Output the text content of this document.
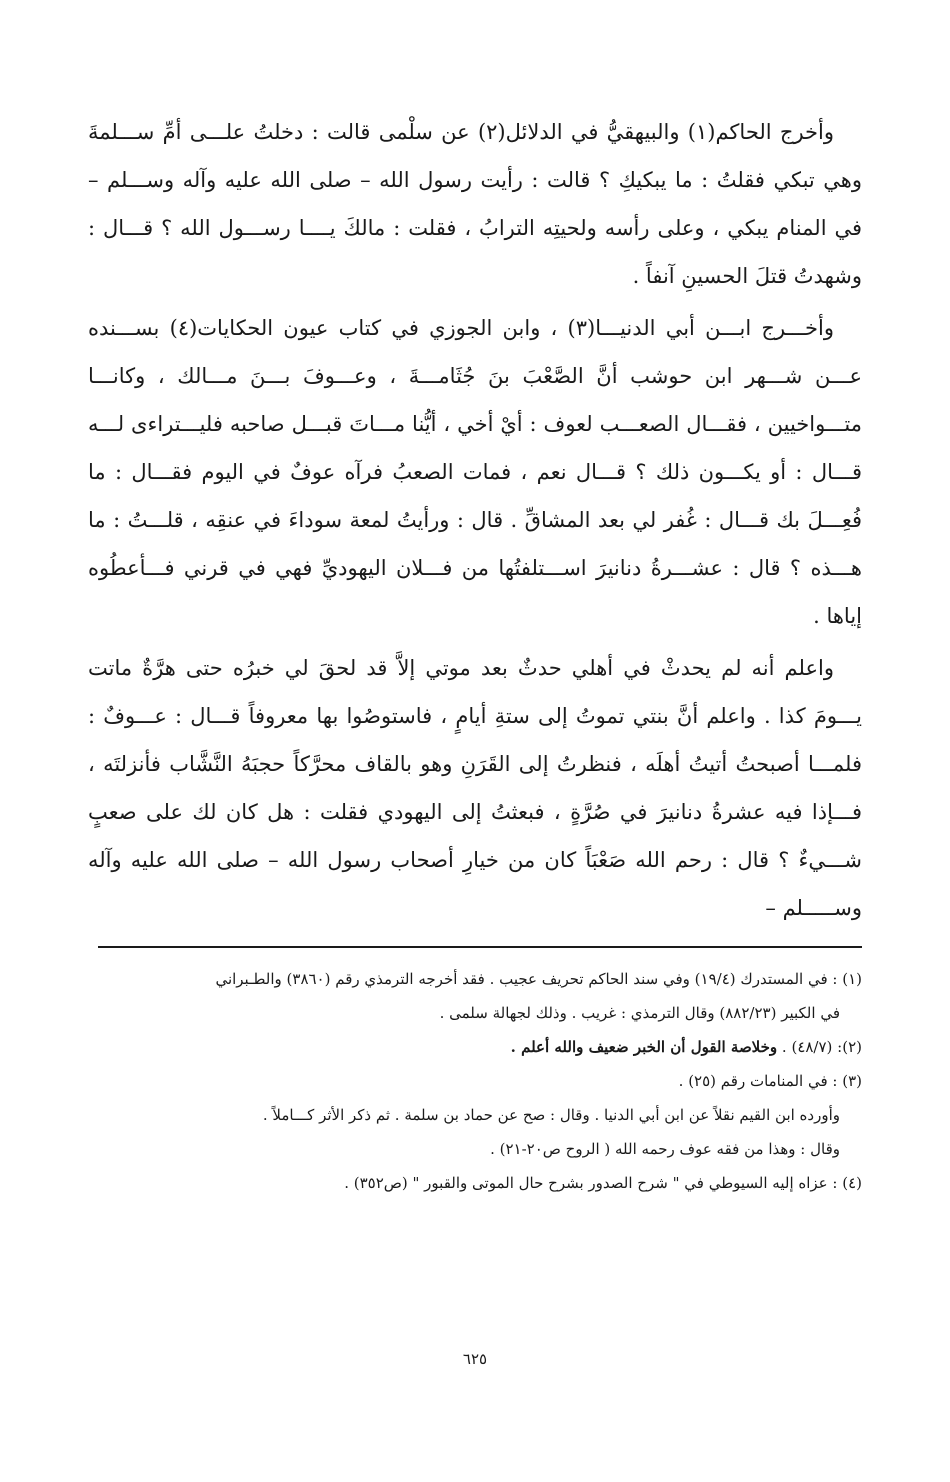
وأخرج الحاكم(١) والبيهقيُّ في الدلائل(٢) عن سلْمى قالت : دخلتُ علـــى أمِّ ســـلمةَ وهي تبكي فقلتُ : ما يبكيكِ ؟ قالت : رأيت رسول الله – صلى الله عليه وآله وســـلم – في المنام يبكي ، وعلى رأسه ولحيتِه الترابُ ، فقلت : مالكَ يــــا رســـول الله ؟ قـــال : وشهدتُ قتلَ الحسينِ آنفاً .

وأخـــرج ابـــن أبي الدنيـــا(٣) ، وابن الجوزي في كتاب عيون الحكايات(٤) بســـنده عـــن شـــهر ابن حوشب أنَّ الصَّعْبَ بنَ جُثَامـــةَ ، وعـــوفَ بـــنَ مـــالك ، وكانـــا متـــواخيين ، فقـــال الصعـــب لعوف : أيْ أخي ، أيُّنا مـــاتَ قبـــل صاحبه فليـــتراءى لـــه قـــال : أو يكـــون ذلك ؟ قـــال نعم ، فمات الصعبُ فرآه عوفٌ في اليوم فقـــال : ما فُعِـــلَ بك قـــال : غُفر لي بعد المشاقِّ . قال : ورأيتُ لمعة سوداءَ في عنقِه ، قلـــتُ : ما هـــذه ؟ قال : عشـــرةُ دنانيرَ اســـتلفتُها من فـــلان اليهوديِّ فهي في قرني فـــأعطُوه إياها .

واعلم أنه لم يحدثْ في أهلي حدثٌ بعد موتي إلاَّ قد لحقَ لي خبرُه حتى هرَّةٌ ماتت يـــومَ كذا . واعلم أنَّ بنتي تموتُ إلى ستةِ أيامٍ ، فاستوصُوا بها معروفاً قـــال : عـــوفٌ : فلمـــا أصبحتُ أتيتُ أهلَه ، فنظرتُ إلى القَرَنِ وهو بالقاف محرَّكاً حجبَهُ النَّشَّاب فأنزلتَه ، فـــإذا فيه عشرةُ دنانيرَ في صُرَّةٍ ، فبعثتُ إلى اليهودي فقلت : هل كان لك على صعبٍ شـــيءٌ ؟ قال : رحم الله صَعْبَاً كان من خيارِ أصحاب رسول الله – صلى الله عليه وآله وســـــلم –

(١) : في المستدرك (١٩/٤) وفي سند الحاكم تحريف عجيب . فقد أخرجه الترمذي رقم (٣٨٦٠) والطـبراني

في الكبير (٨٨٢/٢٣) وقال الترمذي : غريب . وذلك لجهالة سلمى .

(٢): (٤٨/٧) . وخلاصة القول أن الخبر ضعيف والله أعلم .

(٣) : في المنامات رقم (٢٥) .

وأورده ابن القيم نقلاً عن ابن أبي الدنيا . وقال : صح عن حماد بن سلمة . ثم ذكر الأثر كـــاملاً .

وقال : وهذا من فقه عوف رحمه الله ( الروح ص٢٠-٢١) .

(٤) : عزاه إليه السيوطي في " شرح الصدور بشرح حال الموتى والقبور " (ص٣٥٢) .

٦٢٥
